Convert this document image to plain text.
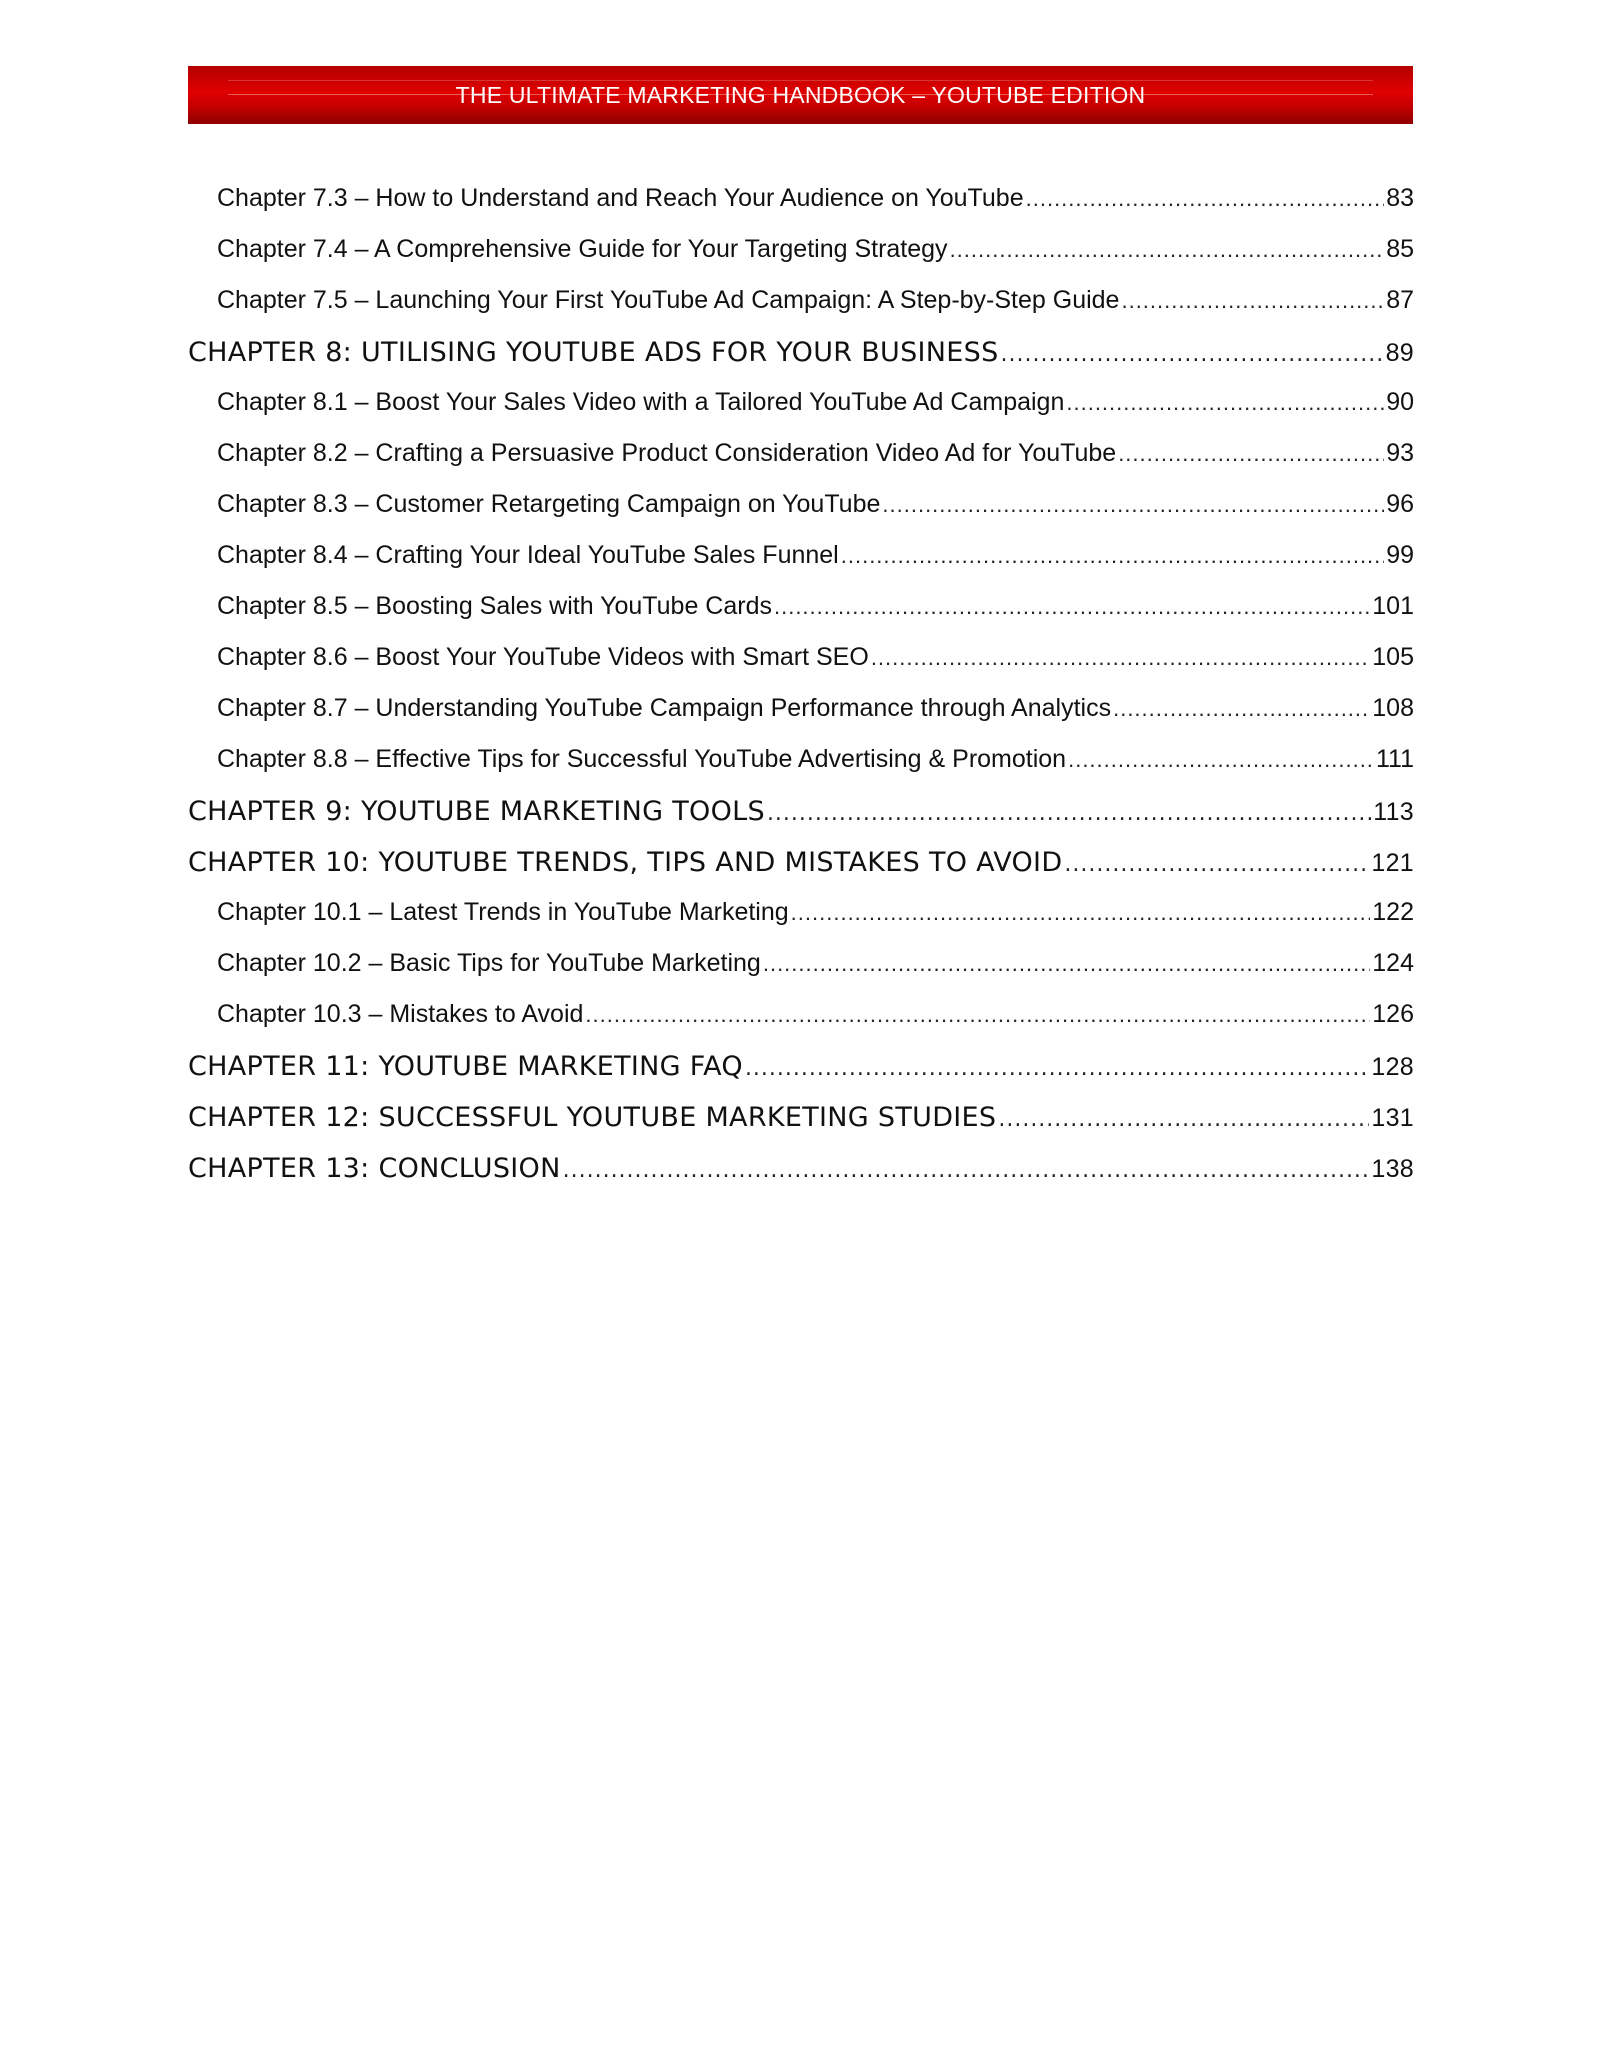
THE ULTIMATE MARKETING HANDBOOK – YOUTUBE EDITION
Chapter 7.3 – How to Understand and Reach Your Audience on YouTube .....	83
Chapter 7.4 – A Comprehensive Guide for Your Targeting Strategy .....	85
Chapter 7.5 – Launching Your First YouTube Ad Campaign: A Step-by-Step Guide .....	87
CHAPTER 8: UTILISING YOUTUBE ADS FOR YOUR BUSINESS .....	89
Chapter 8.1 – Boost Your Sales Video with a Tailored YouTube Ad Campaign .....	90
Chapter 8.2 – Crafting a Persuasive Product Consideration Video Ad for YouTube .....	93
Chapter 8.3 – Customer Retargeting Campaign on YouTube .....	96
Chapter 8.4 – Crafting Your Ideal YouTube Sales Funnel .....	99
Chapter 8.5 – Boosting Sales with YouTube Cards .....	101
Chapter 8.6 – Boost Your YouTube Videos with Smart SEO .....	105
Chapter 8.7 – Understanding YouTube Campaign Performance through Analytics .....	108
Chapter 8.8 – Effective Tips for Successful YouTube Advertising & Promotion .....	111
CHAPTER 9: YOUTUBE MARKETING TOOLS .....	113
CHAPTER 10: YOUTUBE TRENDS, TIPS AND MISTAKES TO AVOID .....	121
Chapter 10.1 – Latest Trends in YouTube Marketing .....	122
Chapter 10.2 – Basic Tips for YouTube Marketing .....	124
Chapter 10.3 – Mistakes to Avoid .....	126
CHAPTER 11: YOUTUBE MARKETING FAQ .....	128
CHAPTER 12: SUCCESSFUL YOUTUBE MARKETING STUDIES .....	131
CHAPTER 13: CONCLUSION .....	138
